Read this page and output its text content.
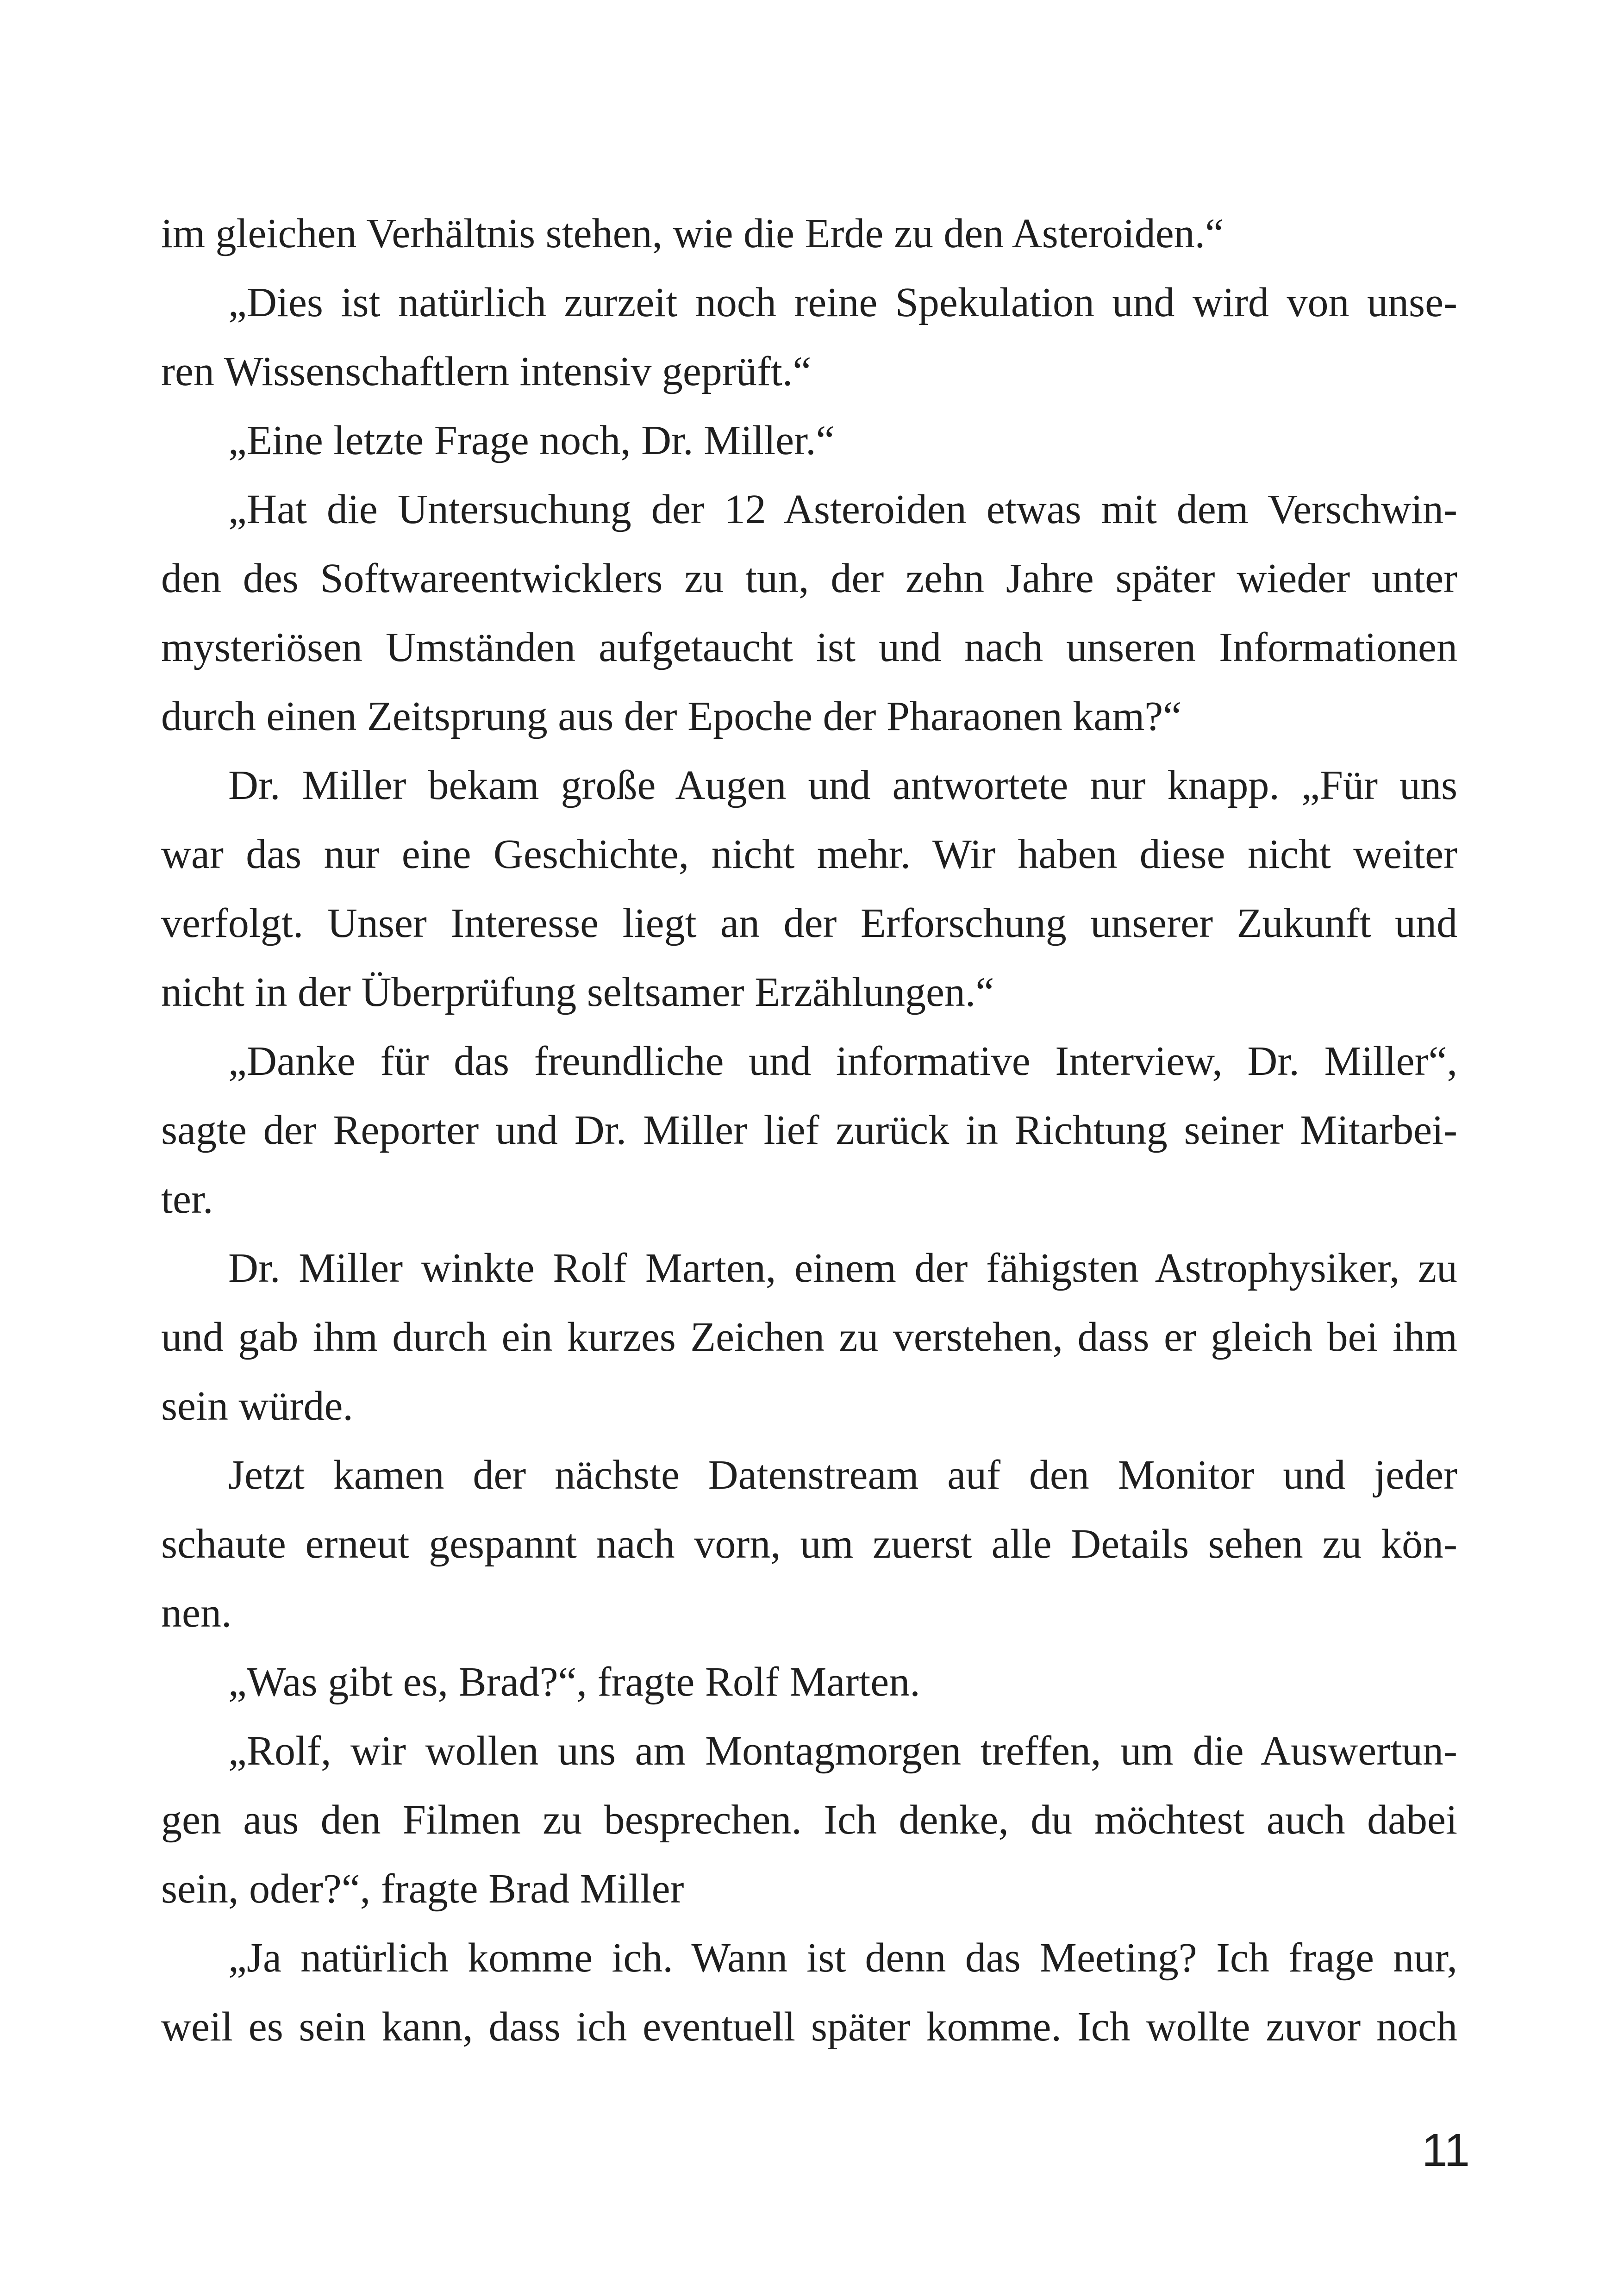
im gleichen Verhältnis stehen, wie die Erde zu den Asteroiden.“
„Dies ist natürlich zurzeit noch reine Spekulation und wird von unse-
ren Wissenschaftlern intensiv geprüft.“
„Eine letzte Frage noch, Dr. Miller.“
„Hat die Untersuchung der 12 Asteroiden etwas mit dem Verschwin-
den des Softwareentwicklers zu tun, der zehn Jahre später wieder unter
mysteriösen Umständen aufgetaucht ist und nach unseren Informationen
durch einen Zeitsprung aus der Epoche der Pharaonen kam?“
Dr. Miller bekam große Augen und antwortete nur knapp. „Für uns
war das nur eine Geschichte, nicht mehr. Wir haben diese nicht weiter
verfolgt. Unser Interesse liegt an der Erforschung unserer Zukunft und
nicht in der Überprüfung seltsamer Erzählungen.“
„Danke für das freundliche und informative Interview, Dr. Miller“,
sagte der Reporter und Dr. Miller lief zurück in Richtung seiner Mitarbei-
ter.
Dr. Miller winkte Rolf Marten, einem der fähigsten Astrophysiker, zu
und gab ihm durch ein kurzes Zeichen zu verstehen, dass er gleich bei ihm
sein würde.
Jetzt kamen der nächste Datenstream auf den Monitor und jeder
schaute erneut gespannt nach vorn, um zuerst alle Details sehen zu kön-
nen.
„Was gibt es, Brad?“, fragte Rolf Marten.
„Rolf, wir wollen uns am Montagmorgen treffen, um die Auswertun-
gen aus den Filmen zu besprechen. Ich denke, du möchtest auch dabei
sein, oder?“, fragte Brad Miller
„Ja natürlich komme ich. Wann ist denn das Meeting? Ich frage nur,
weil es sein kann, dass ich eventuell später komme. Ich wollte zuvor noch
11
